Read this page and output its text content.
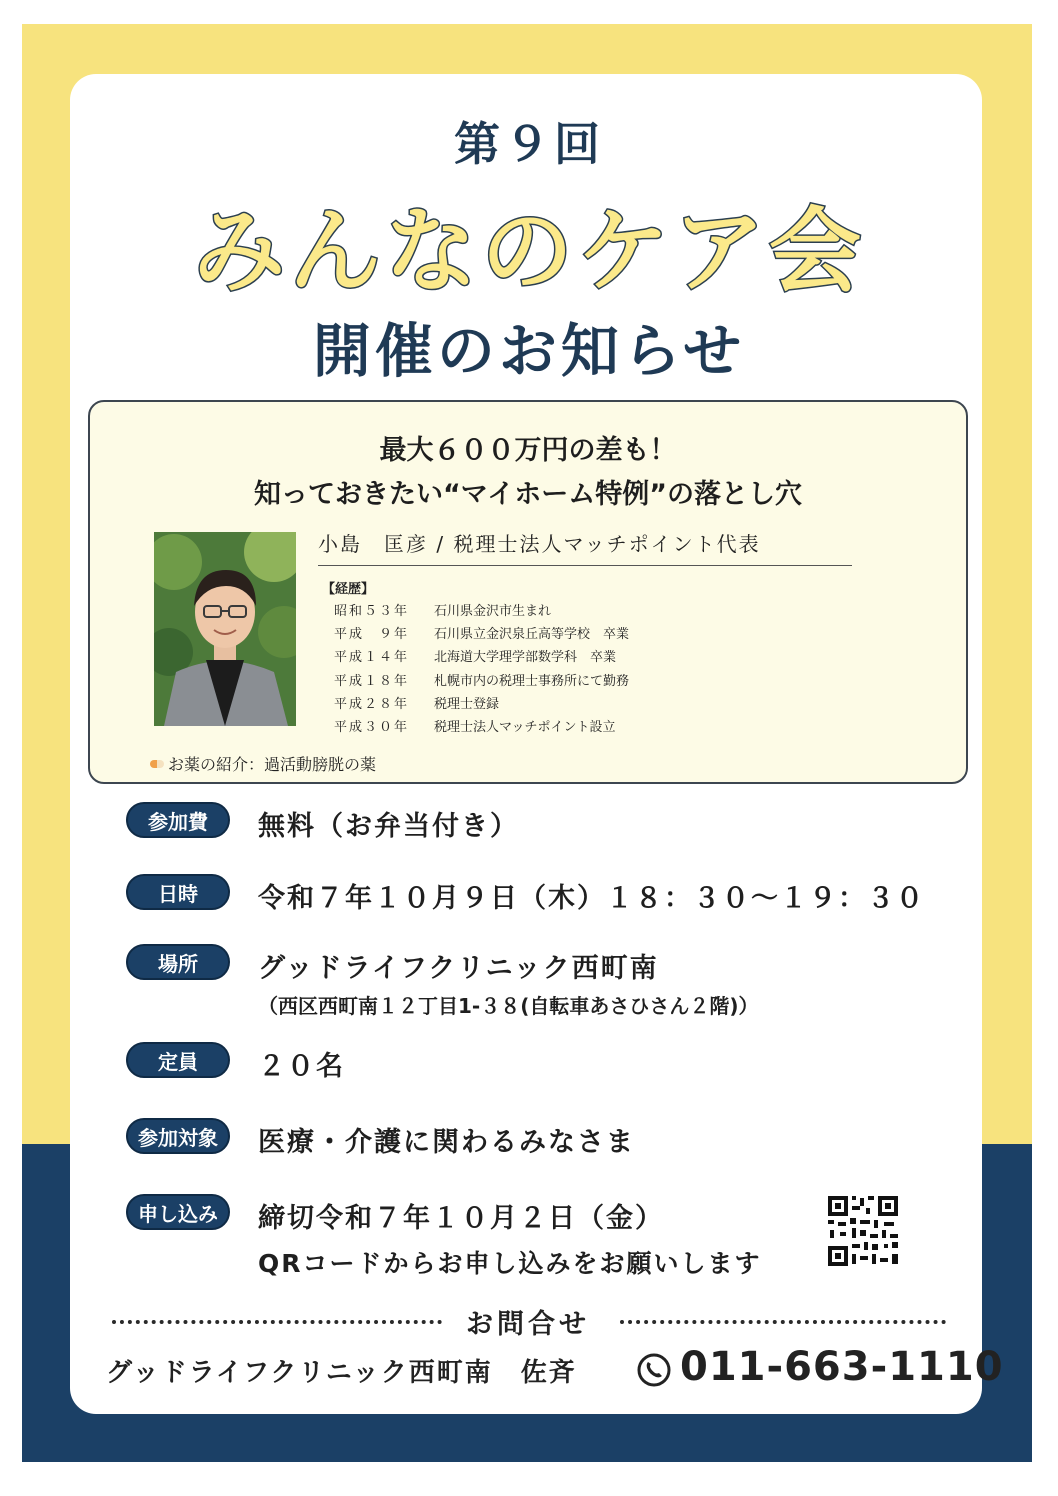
第９回
みんなのケア会
開催のお知らせ
最大６００万円の差も！
知っておきたい“マイホーム特例”の落とし穴
小島　匡彦 / 税理士法人マッチポイント代表
【経歴】
昭和５３年	石川県金沢市生まれ
平成　９年	石川県立金沢泉丘高等学校　卒業
平成１４年	北海道大学理学部数学科　卒業
平成１８年	札幌市内の税理士事務所にて勤務
平成２８年	税理士登録
平成３０年	税理士法人マッチポイント設立
お薬の紹介：過活動膀胱の薬
参加費	無料（お弁当付き）
日時	令和７年１０月９日（木）１８：３０〜１９：３０
場所	グッドライフクリニック西町南
（西区西町南１２丁目1-３８(自転車あさひさん２階)）
定員	２０名
参加対象	医療・介護に関わるみなさま
申し込み	締切令和７年１０月２日（金）
QRコードからお申し込みをお願いします
お問合せ
グッドライフクリニック西町南　佐斉	011-663-1110
